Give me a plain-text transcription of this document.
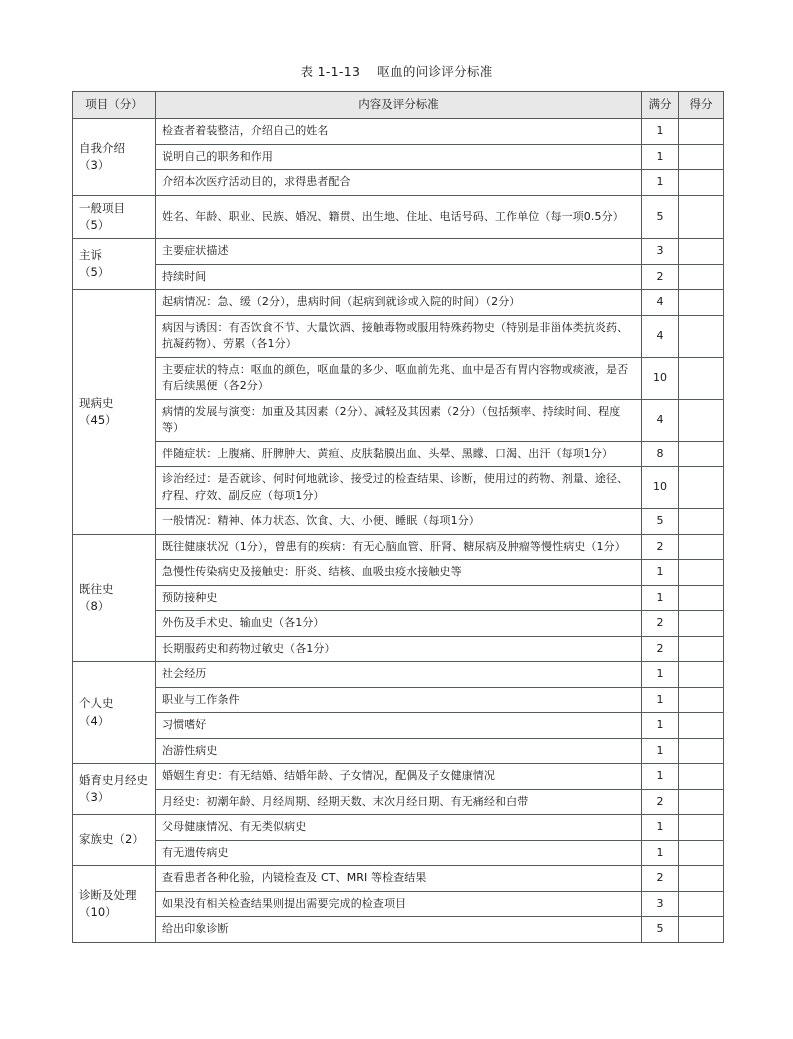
表 1-1-13    呕血的问诊评分标准
项目（分）	内容及评分标准	满分	得分

自我介绍
（3）	检查者着装整洁，介绍自己的姓名	1	
	说明自己的职务和作用	1	
	介绍本次医疗活动目的，求得患者配合	1	

一般项目
（5）	姓名、年龄、职业、民族、婚况、籍贯、出生地、住址、电话号码、工作单位（每一项0.5分）	5	

主诉
（5）	主要症状描述	3	
	持续时间	2	

现病史
（45）	起病情况：急、缓（2分），患病时间（起病到就诊或入院的时间）（2分）	4	
	病因与诱因：有否饮食不节、大量饮酒、接触毒物或服用特殊药物史（特别是非甾体类抗炎药、抗凝药物）、劳累（各1分）	4	
	主要症状的特点：呕血的颜色，呕血量的多少、呕血前先兆、血中是否有胃内容物或痰液，是否有后续黑便（各2分）	10	
	病情的发展与演变：加重及其因素（2分）、减轻及其因素（2分）（包括频率、持续时间、程度等）	4	
	伴随症状：上腹痛、肝脾肿大、黄疸、皮肤黏膜出血、头晕、黑矇、口渴、出汗（每项1分）	8	
	诊治经过：是否就诊、何时何地就诊、接受过的检查结果、诊断，使用过的药物、剂量、途径、疗程、疗效、副反应（每项1分）	10	
	一般情况：精神、体力状态、饮食、大、小便、睡眠（每项1分）	5	

既往史
（8）	既往健康状况（1分），曾患有的疾病：有无心脑血管、肝肾、糖尿病及肿瘤等慢性病史（1分）	2	
	急慢性传染病史及接触史：肝炎、结核、血吸虫疫水接触史等	1	
	预防接种史	1	
	外伤及手术史、输血史（各1分）	2	
	长期服药史和药物过敏史（各1分）	2	

个人史
（4）	社会经历	1	
	职业与工作条件	1	
	习惯嗜好	1	
	冶游性病史	1	

婚育史月经史
（3）	婚姻生育史：有无结婚、结婚年龄、子女情况，配偶及子女健康情况	1	
	月经史：初潮年龄、月经周期、经期天数、末次月经日期、有无痛经和白带	2	
家族史（2）	父母健康情况、有无类似病史	1	
	有无遗传病史	1	

诊断及处理
（10）	查看患者各种化验，内镜检查及 CT、MRI 等检查结果	2	
	如果没有相关检查结果则提出需要完成的检查项目	3	
	给出印象诊断	5	
